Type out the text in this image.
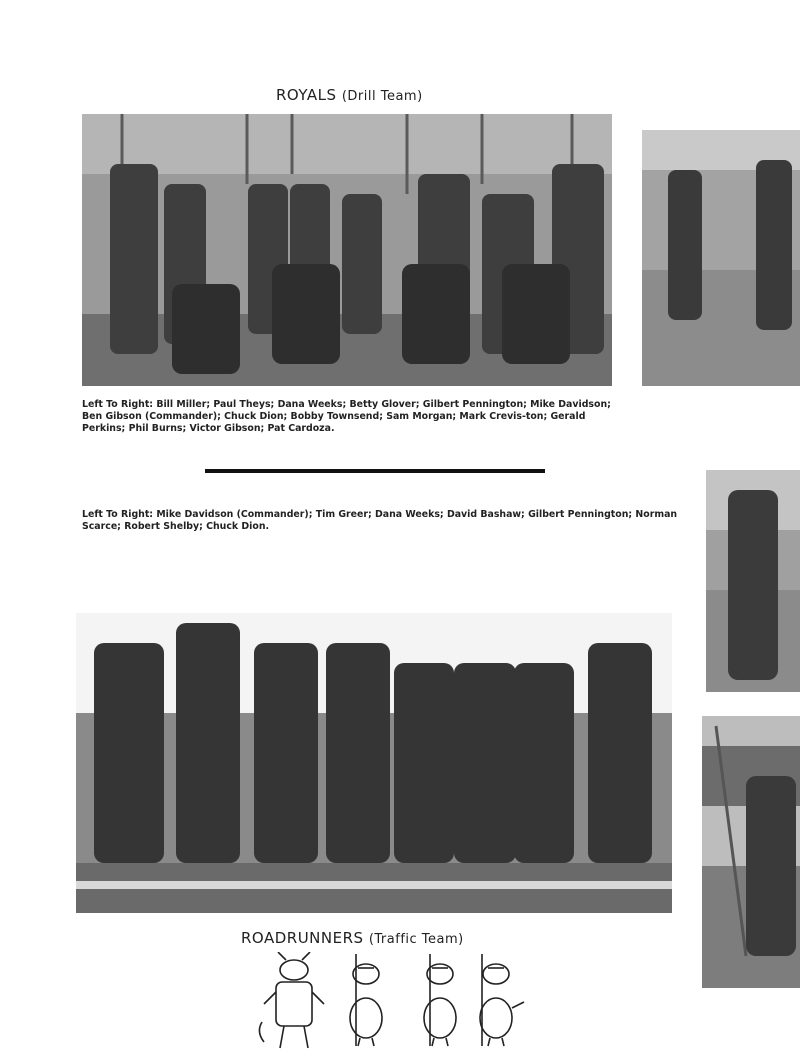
ROYALS (Drill Team)
Left To Right: Bill Miller; Paul Theys; Dana Weeks; Betty Glover; Gilbert Pennington; Mike Davidson; Ben Gibson (Commander); Chuck Dion; Bobby Townsend; Sam Morgan; Mark Crevis-ton; Gerald Perkins; Phil Burns; Victor Gibson; Pat Cardoza.
Left To Right: Mike Davidson (Commander); Tim Greer; Dana Weeks; David Bashaw; Gilbert Pennington; Norman Scarce; Robert Shelby; Chuck Dion.
ROADRUNNERS (Traffic Team)
